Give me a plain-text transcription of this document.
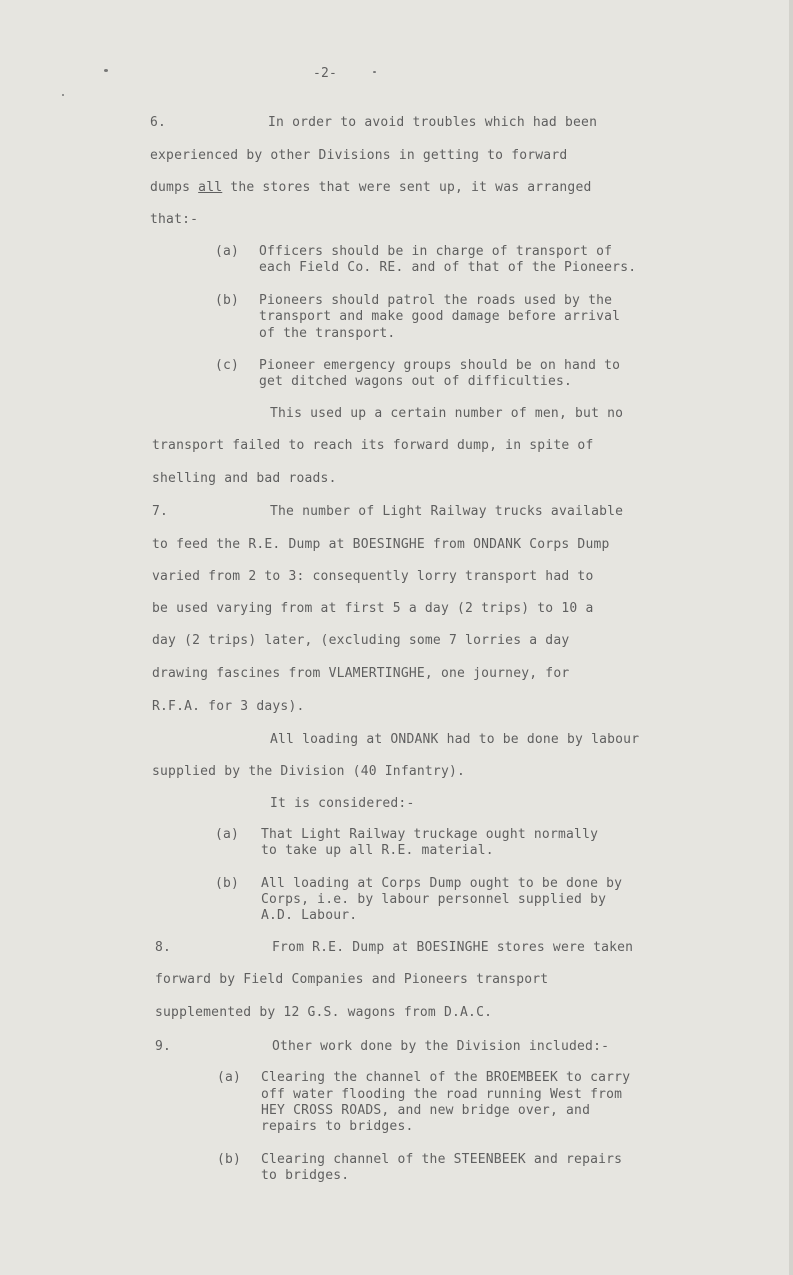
-2-
6.	In order to avoid troubles which had been
experienced by other Divisions in getting to forward
dumps all the stores that were sent up, it was arranged
that:-
(a) Officers should be in charge of transport of
each Field Co. RE. and of that of the Pioneers.
(b) Pioneers should patrol the roads used by the
transport and make good damage before arrival
of the transport.
(c) Pioneer emergency groups should be on hand to
get ditched wagons out of difficulties.
This used up a certain number of men, but no
transport failed to reach its forward dump, in spite of
shelling and bad roads.
7.	The number of Light Railway trucks available
to feed the R.E. Dump at BOESINGHE from ONDANK Corps Dump
varied from 2 to 3: consequently lorry transport had to
be used varying from at first 5 a day (2 trips) to 10 a
day (2 trips) later, (excluding some 7 lorries a day
drawing fascines from VLAMERTINGHE, one journey, for
R.F.A. for 3 days).
All loading at ONDANK had to be done by labour
supplied by the Division (40 Infantry).
It is considered:-
(a) That Light Railway truckage ought normally
to take up all R.E. material.
(b) All loading at Corps Dump ought to be done by
Corps, i.e. by labour personnel supplied by
A.D. Labour.
8.	From R.E. Dump at BOESINGHE stores were taken
forward by Field Companies and Pioneers transport
supplemented by 12 G.S. wagons from D.A.C.
9.	Other work done by the Division included:-
(a) Clearing the channel of the BROEMBEEK to carry
off water flooding the road running West from
HEY CROSS ROADS, and new bridge over, and
repairs to bridges.
(b) Clearing channel of the STEENBEEK and repairs
to bridges.
